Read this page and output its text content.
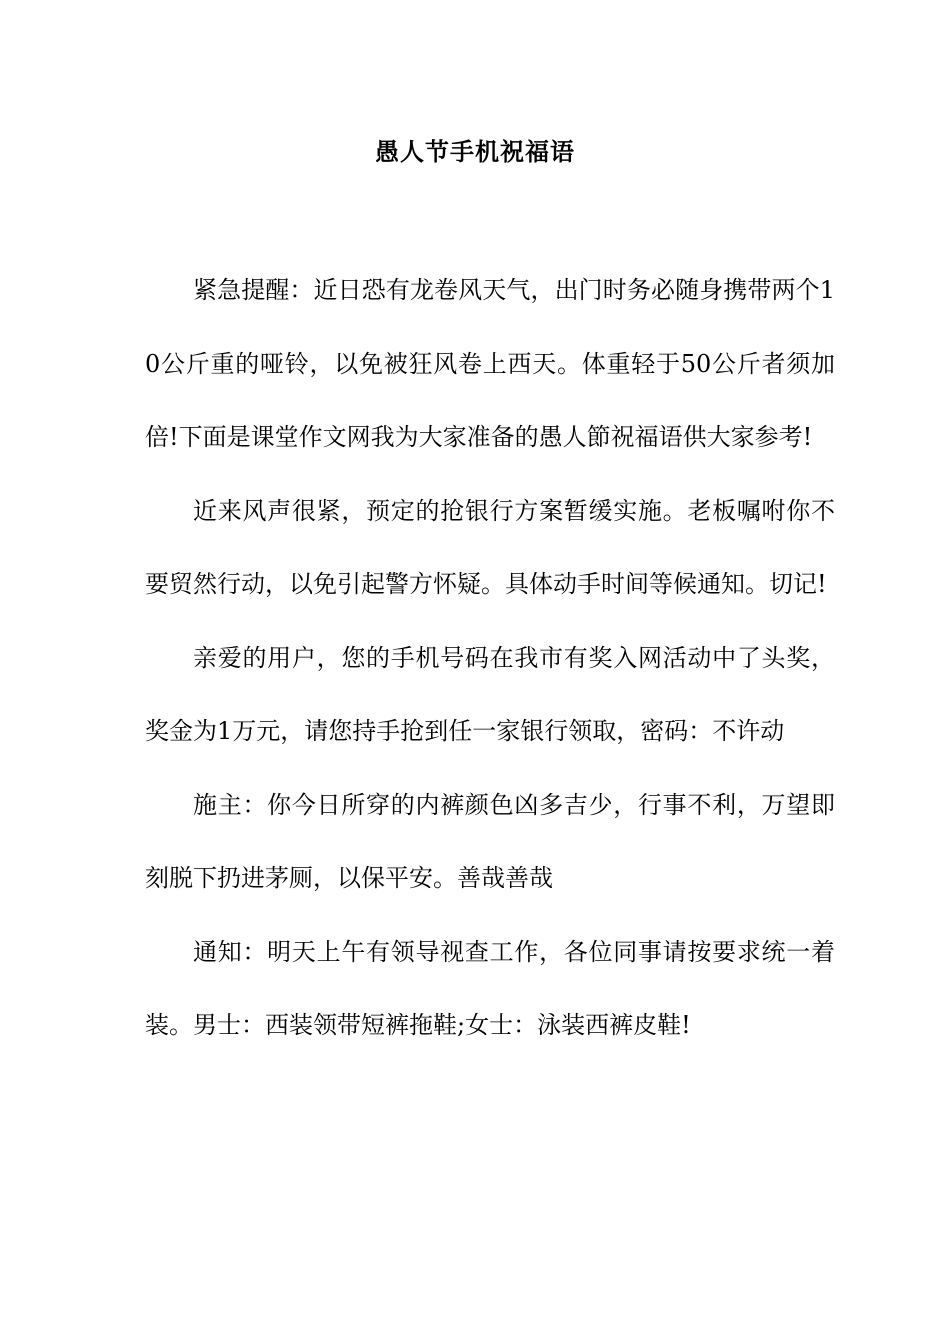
愚人节手机祝福语

紧急提醒：近日恐有龙卷风天气，出门时务必随身携带两个10公斤重的哑铃，以免被狂风卷上西天。体重轻于50公斤者须加倍!下面是课堂作文网我为大家准备的愚人節祝福语供大家参考!

近来风声很紧，预定的抢银行方案暂缓实施。老板嘱咐你不要贸然行动，以免引起警方怀疑。具体动手时间等候通知。切记!

亲爱的用户，您的手机号码在我市有奖入网活动中了头奖，奖金为1万元，请您持手抢到任一家银行领取，密码：不许动

施主：你今日所穿的内裤颜色凶多吉少，行事不利，万望即刻脱下扔进茅厕，以保平安。善哉善哉

通知：明天上午有领导视查工作，各位同事请按要求统一着装。男士：西装领带短裤拖鞋;女士：泳装西裤皮鞋!
